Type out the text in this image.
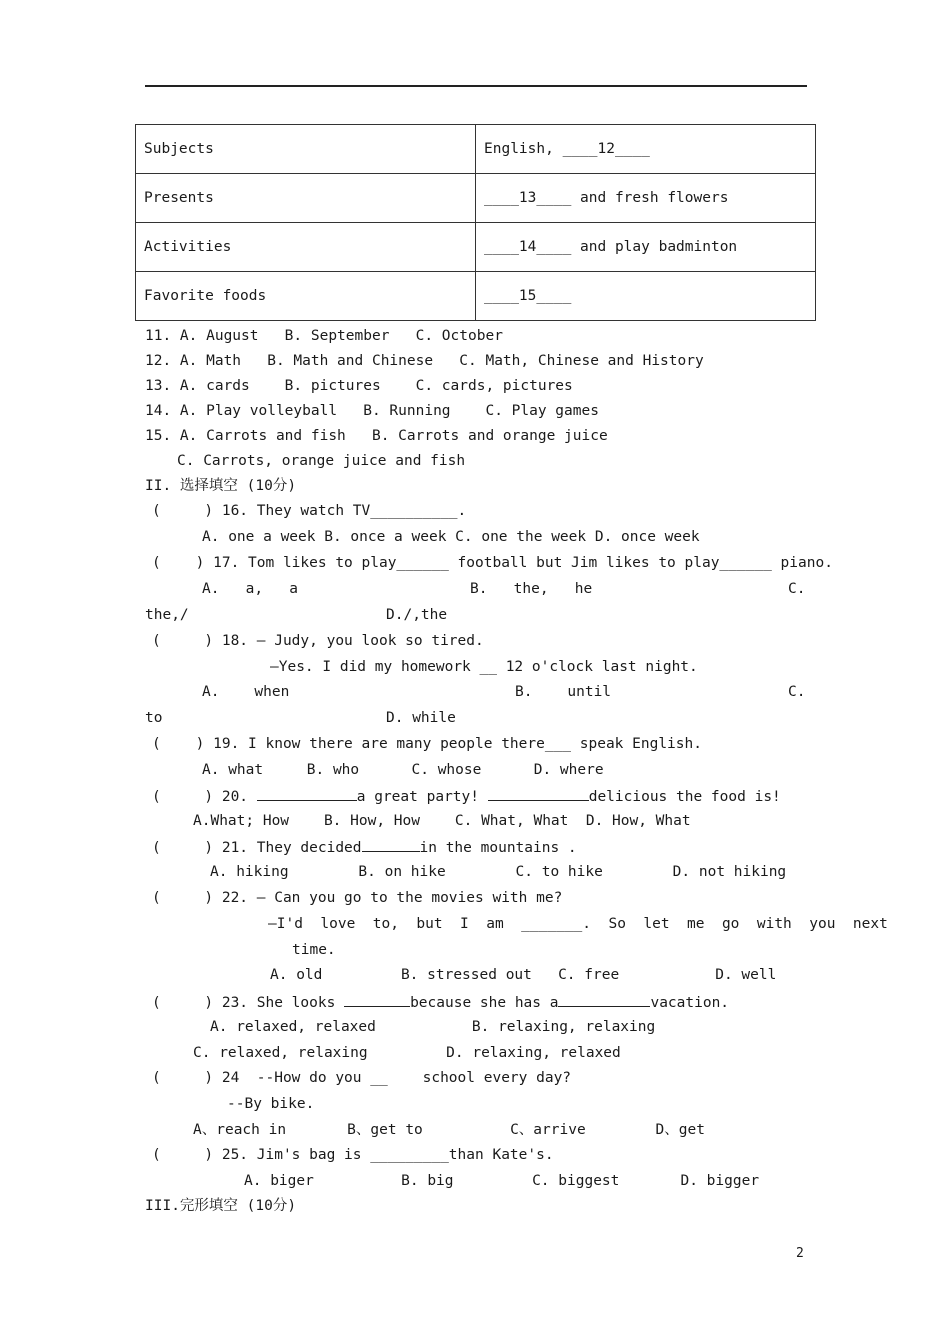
Subjects	English, ____12____
Presents	____13____ and fresh flowers
Activities	____14____ and play badminton
Favorite foods	____15____
11. A. August   B. September   C. October
12. A. Math   B. Math and Chinese   C. Math, Chinese and History
13. A. cards    B. pictures    C. cards, pictures
14. A. Play volleyball   B. Running    C. Play games
15. A. Carrots and fish   B. Carrots and orange juice
C. Carrots, orange juice and fish
II. 选择填空 (10分)
(     ) 16. They watch TV__________.
A. one a week B. once a week C. one the week D. once week
(    ) 17. Tom likes to play______ football but Jim likes to play______ piano.
A.   a,   a	B.   the,   he	C.
the,/	D./,the
(     ) 18. — Judy, you look so tired.
—Yes. I did my homework __ 12 o'clock last night.
A.    when	B.    until	C.
to	D. while
(    ) 19. I know there are many people there___ speak English.
A. what     B. who      C. whose      D. where
(     ) 20.	a great party!	delicious the food is!
A.What; How    B. How, How    C. What, What  D. How, What
(     ) 21. They decided	in the mountains .
A. hiking        B. on hike        C. to hike        D. not hiking
(     ) 22. — Can you go to the movies with me?
—I'd  love  to,  but  I  am  _______.  So  let  me  go  with  you  next
time.
A. old         B. stressed out   C. free           D. well
(     ) 23. She looks	because she has a	vacation.
A. relaxed, relaxed           B. relaxing, relaxing
C. relaxed, relaxing         D. relaxing, relaxed
(     ) 24  --How do you __    school every day?
--By bike.
A、reach in       B、get to          C、arrive        D、get
(     ) 25. Jim's bag is _________than Kate's.
A. biger          B. big         C. biggest       D. bigger
III.完形填空 (10分)
2
